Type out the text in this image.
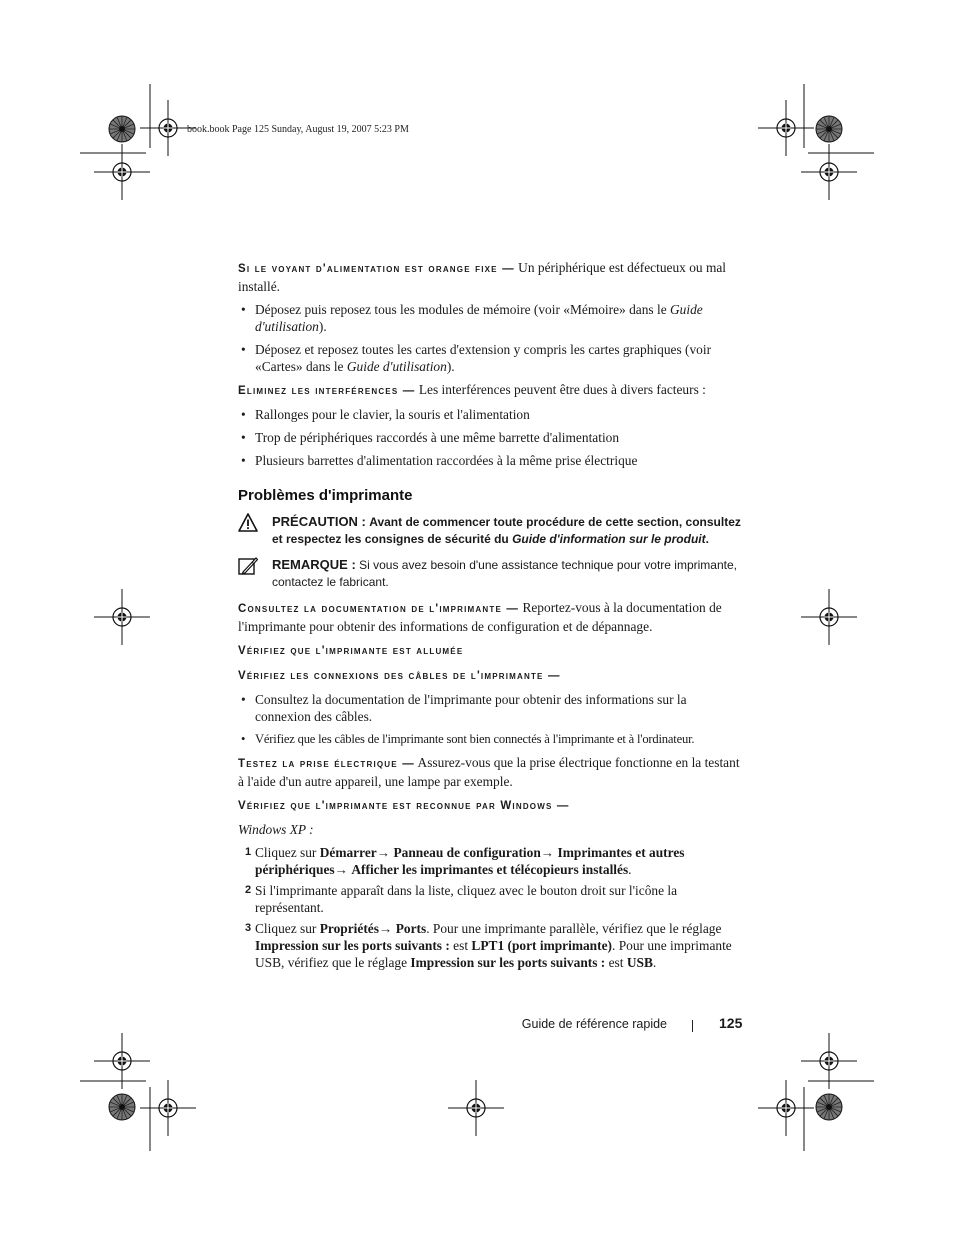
book.book Page 125 Sunday, August 19, 2007 5:23 PM

Si le voyant d'alimentation est orange fixe — Un périphérique est défectueux ou mal installé.

• Déposez puis reposez tous les modules de mémoire (voir «Mémoire» dans le Guide d'utilisation).
• Déposez et reposez toutes les cartes d'extension y compris les cartes graphiques (voir «Cartes» dans le Guide d'utilisation).

Eliminez les interférences — Les interférences peuvent être dues à divers facteurs :

• Rallonges pour le clavier, la souris et l'alimentation
• Trop de périphériques raccordés à une même barrette d'alimentation
• Plusieurs barrettes d'alimentation raccordées à la même prise électrique
Problèmes d'imprimante
PRÉCAUTION : Avant de commencer toute procédure de cette section, consultez et respectez les consignes de sécurité du Guide d'information sur le produit.
REMARQUE : Si vous avez besoin d'une assistance technique pour votre imprimante, contactez le fabricant.

Consultez la documentation de l'imprimante — Reportez-vous à la documentation de l'imprimante pour obtenir des informations de configuration et de dépannage.

Vérifiez que l'imprimante est allumée

Vérifiez les connexions des câbles de l'imprimante —

• Consultez la documentation de l'imprimante pour obtenir des informations sur la connexion des câbles.
• Vérifiez que les câbles de l'imprimante sont bien connectés à l'imprimante et à l'ordinateur.

Testez la prise électrique — Assurez-vous que la prise électrique fonctionne en la testant à l'aide d'un autre appareil, une lampe par exemple.

Vérifiez que l'imprimante est reconnue par Windows —

Windows XP :

1 Cliquez sur Démarrer→ Panneau de configuration→ Imprimantes et autres périphériques→ Afficher les imprimantes et télécopieurs installés.
2 Si l'imprimante apparaît dans la liste, cliquez avec le bouton droit sur l'icône la représentant.
3 Cliquez sur Propriétés→ Ports. Pour une imprimante parallèle, vérifiez que le réglage Impression sur les ports suivants : est LPT1 (port imprimante). Pour une imprimante USB, vérifiez que le réglage Impression sur les ports suivants : est USB.
Guide de référence rapide	125
